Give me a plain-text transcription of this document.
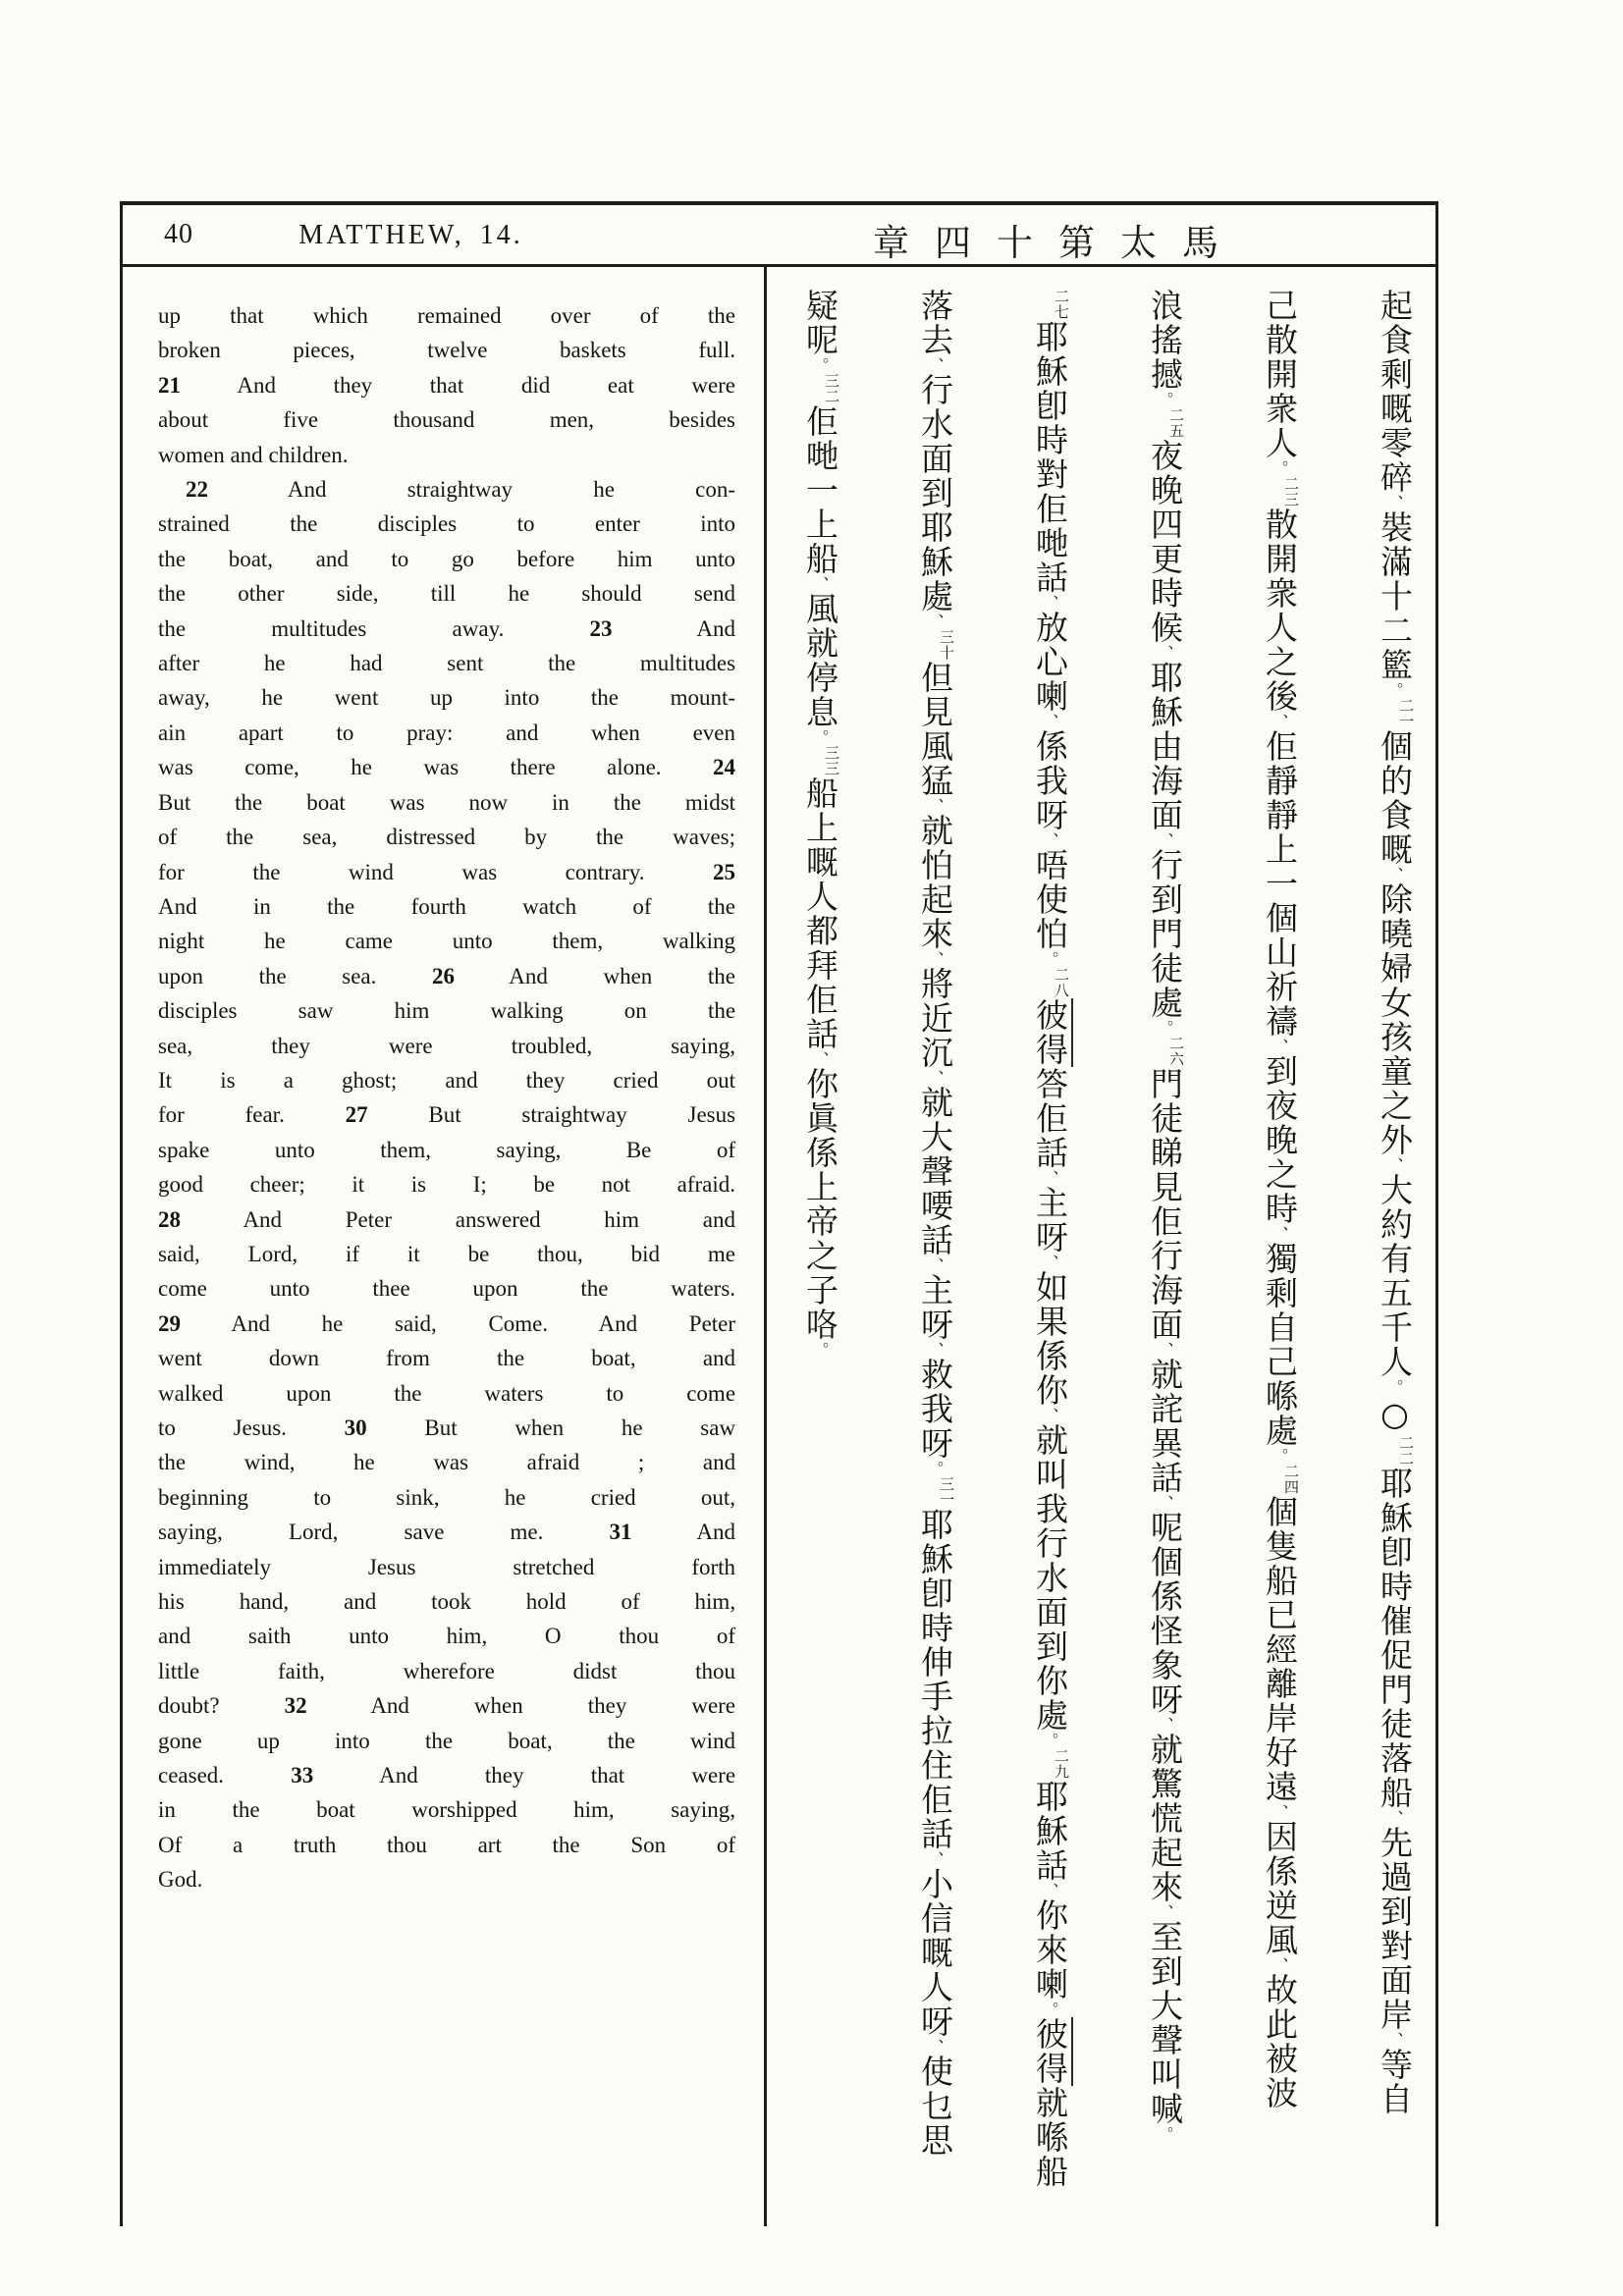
40	MATTHEW, 14.	章四十第太馬
up that which remained over of the
broken	pieces,	twelve	baskets	full.
21 And	they	that	did	eat	were
about	five	thousand	men,	besides
women and children.
22	And	straightway	he	con-
strained	the	disciples	to	enter	into
the boat, and to go before him unto
the other side, till he should send
the	multitudes	away.	23	And
after	he	had	sent	the	multitudes
away, he went up into the mount-
ain apart to pray: and when even
was come, he was there alone. 24
But the boat was now in the midst
of the sea, distressed by the waves;
for	the	wind	was	contrary.	25
And in the fourth watch of the
night	he	came	unto	them,	walking
upon the sea. 26 And when the
disciples	saw	him	walking	on	the
sea,	they	were	troubled,	saying,
It is a ghost; and they cried out
for	fear.	27	But	straightway	Jesus
spake	unto	them,	saying,	Be	of
good cheer; it is I; be not afraid.
28	And	Peter	answered	him	and
said, Lord, if it be thou, bid me
come	unto	thee	upon	the	waters.
29 And he said, Come. And Peter
went	down	from	the	boat,	and
walked	upon	the	waters	to	come
to	Jesus.	30	But	when	he	saw
the	wind,	he	was	afraid	;	and
beginning	to	sink,	he	cried	out,
saying,	Lord,	save	me.	31	And
immediately	Jesus	stretched	forth
his hand, and took hold of him,
and	saith	unto	him,	O	thou	of
little	faith,	wherefore	didst	thou
doubt?	32	And	when	they	were
gone up into the boat, the wind
ceased.	33	And	they	that	were
in	the	boat	worshipped	him,	saying,
Of a truth thou art the Son of
God.
起食剩嘅零碎、裝滿十二籃。二一個的食嘅、除曉婦女孩童之外、大約有五千人。○二二耶穌卽時催促門徒落船、先過到對面岸、等自
己散開衆人。二三散開衆人之後、佢靜靜上一個山祈禱、到夜晚之時、獨剩自己喺處。二四個隻船已經離岸好遠、因係逆風、故此被波
浪搖撼。二五夜晚四更時候、耶穌由海面、行到門徒處。二六門徒睇見佢行海面、就詫異話、呢個係怪象呀、就驚慌起來、至到大聲叫喊。
二七耶穌卽時對佢哋話、放心喇、係我呀、唔使怕。二八彼得答佢話、主呀、如果係你、就叫我行水面到你處。二九耶穌話、你來喇。彼得就喺船
落去、行水面到耶穌處、三十但見風猛、就怕起來、將近沉、就大聲喓話、主呀、救我呀。三一耶穌卽時伸手拉住佢話、小信嘅人呀、使乜思
疑呢。三二佢哋一上船、風就停息。三三船上嘅人都拜佢話、你眞係上帝之子咯。
